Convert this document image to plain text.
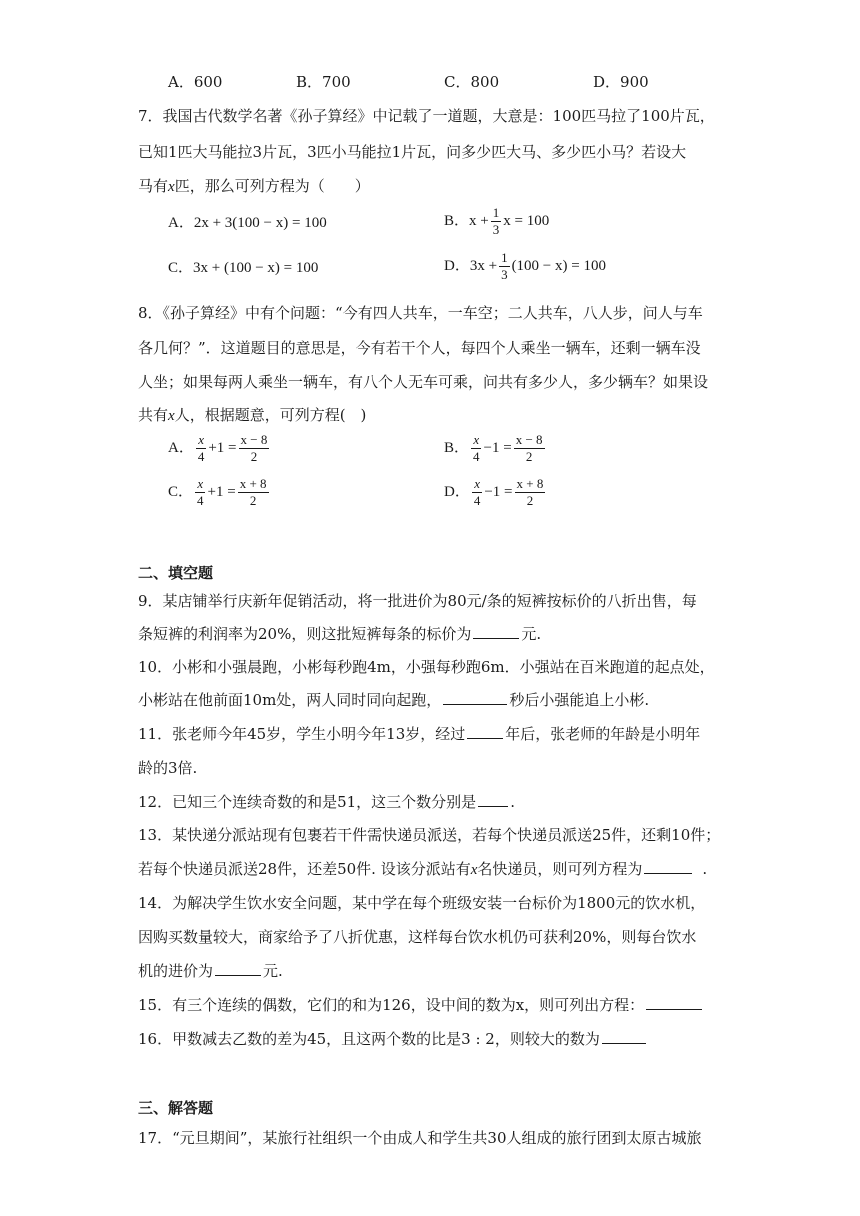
A．600	B．700	C．800	D．900
7．我国古代数学名著《孙子算经》中记载了一道题，大意是：100匹马拉了100片瓦，
已知1匹大马能拉3片瓦，3匹小马能拉1片瓦，问多少匹大马、多少匹小马？若设大
马有x匹，那么可列方程为（　　）
A．2x + 3(100 − x) = 100	B．$x + \frac{1}{3}$ x = 100
C．3x + (100 − x) = 100	D．$3x + \frac{1}{3} (100 - x) = 100$
8．《孙子算经》中有个问题：“今有四人共车，一车空；二人共车，八人步，问人与车
各几何？”．这道题目的意思是，今有若干个人，每四个人乘坐一辆车，还剩一辆车没
人坐；如果每两人乘坐一辆车，有八个人无车可乘，问共有多少人，多少辆车？如果设
共有x人，根据题意，可列方程(　)
A． $\frac{x}{4} +1 = \frac{x - 8}{2}$	B． $\frac{x}{4} -1 = \frac{x - 8}{2}$
C． $\frac{x}{4} +1 = \frac{x + 8}{2}$	D． $\frac{x}{4} -1 = \frac{x + 8}{2}$
二、填空题
9．某店铺举行庆新年促销活动，将一批进价为80元/条的短裤按标价的八折出售，每
条短裤的利润率为20%，则这批短裤每条的标价为	元.
10．小彬和小强晨跑，小彬每秒跑4m，小强每秒跑6m．小强站在百米跑道的起点处，
小彬站在他前面10m处，两人同时同向起跑，	秒后小强能追上小彬.
11．张老师今年45岁，学生小明今年13岁，经过	年后，张老师的年龄是小明年
龄的3倍.
12．已知三个连续奇数的和是51，这三个数分别是 .
13．某快递分派站现有包裹若干件需快递员派送，若每个快递员派送25件，还剩10件；
若每个快递员派送28件，还差50件. 设该分派站有x名快递员，则可列方程为	.
14．为解决学生饮水安全问题，某中学在每个班级安装一台标价为1800元的饮水机，
因购买数量较大，商家给予了八折优惠，这样每台饮水机仍可获利20%，则每台饮水
机的进价为	元.
15．有三个连续的偶数，它们的和为126，设中间的数为x，则可列出方程：
16．甲数减去乙数的差为45，且这两个数的比是3 : 2，则较大的数为
三、解答题
17．“元旦期间”，某旅行社组织一个由成人和学生共30人组成的旅行团到太原古城旅
